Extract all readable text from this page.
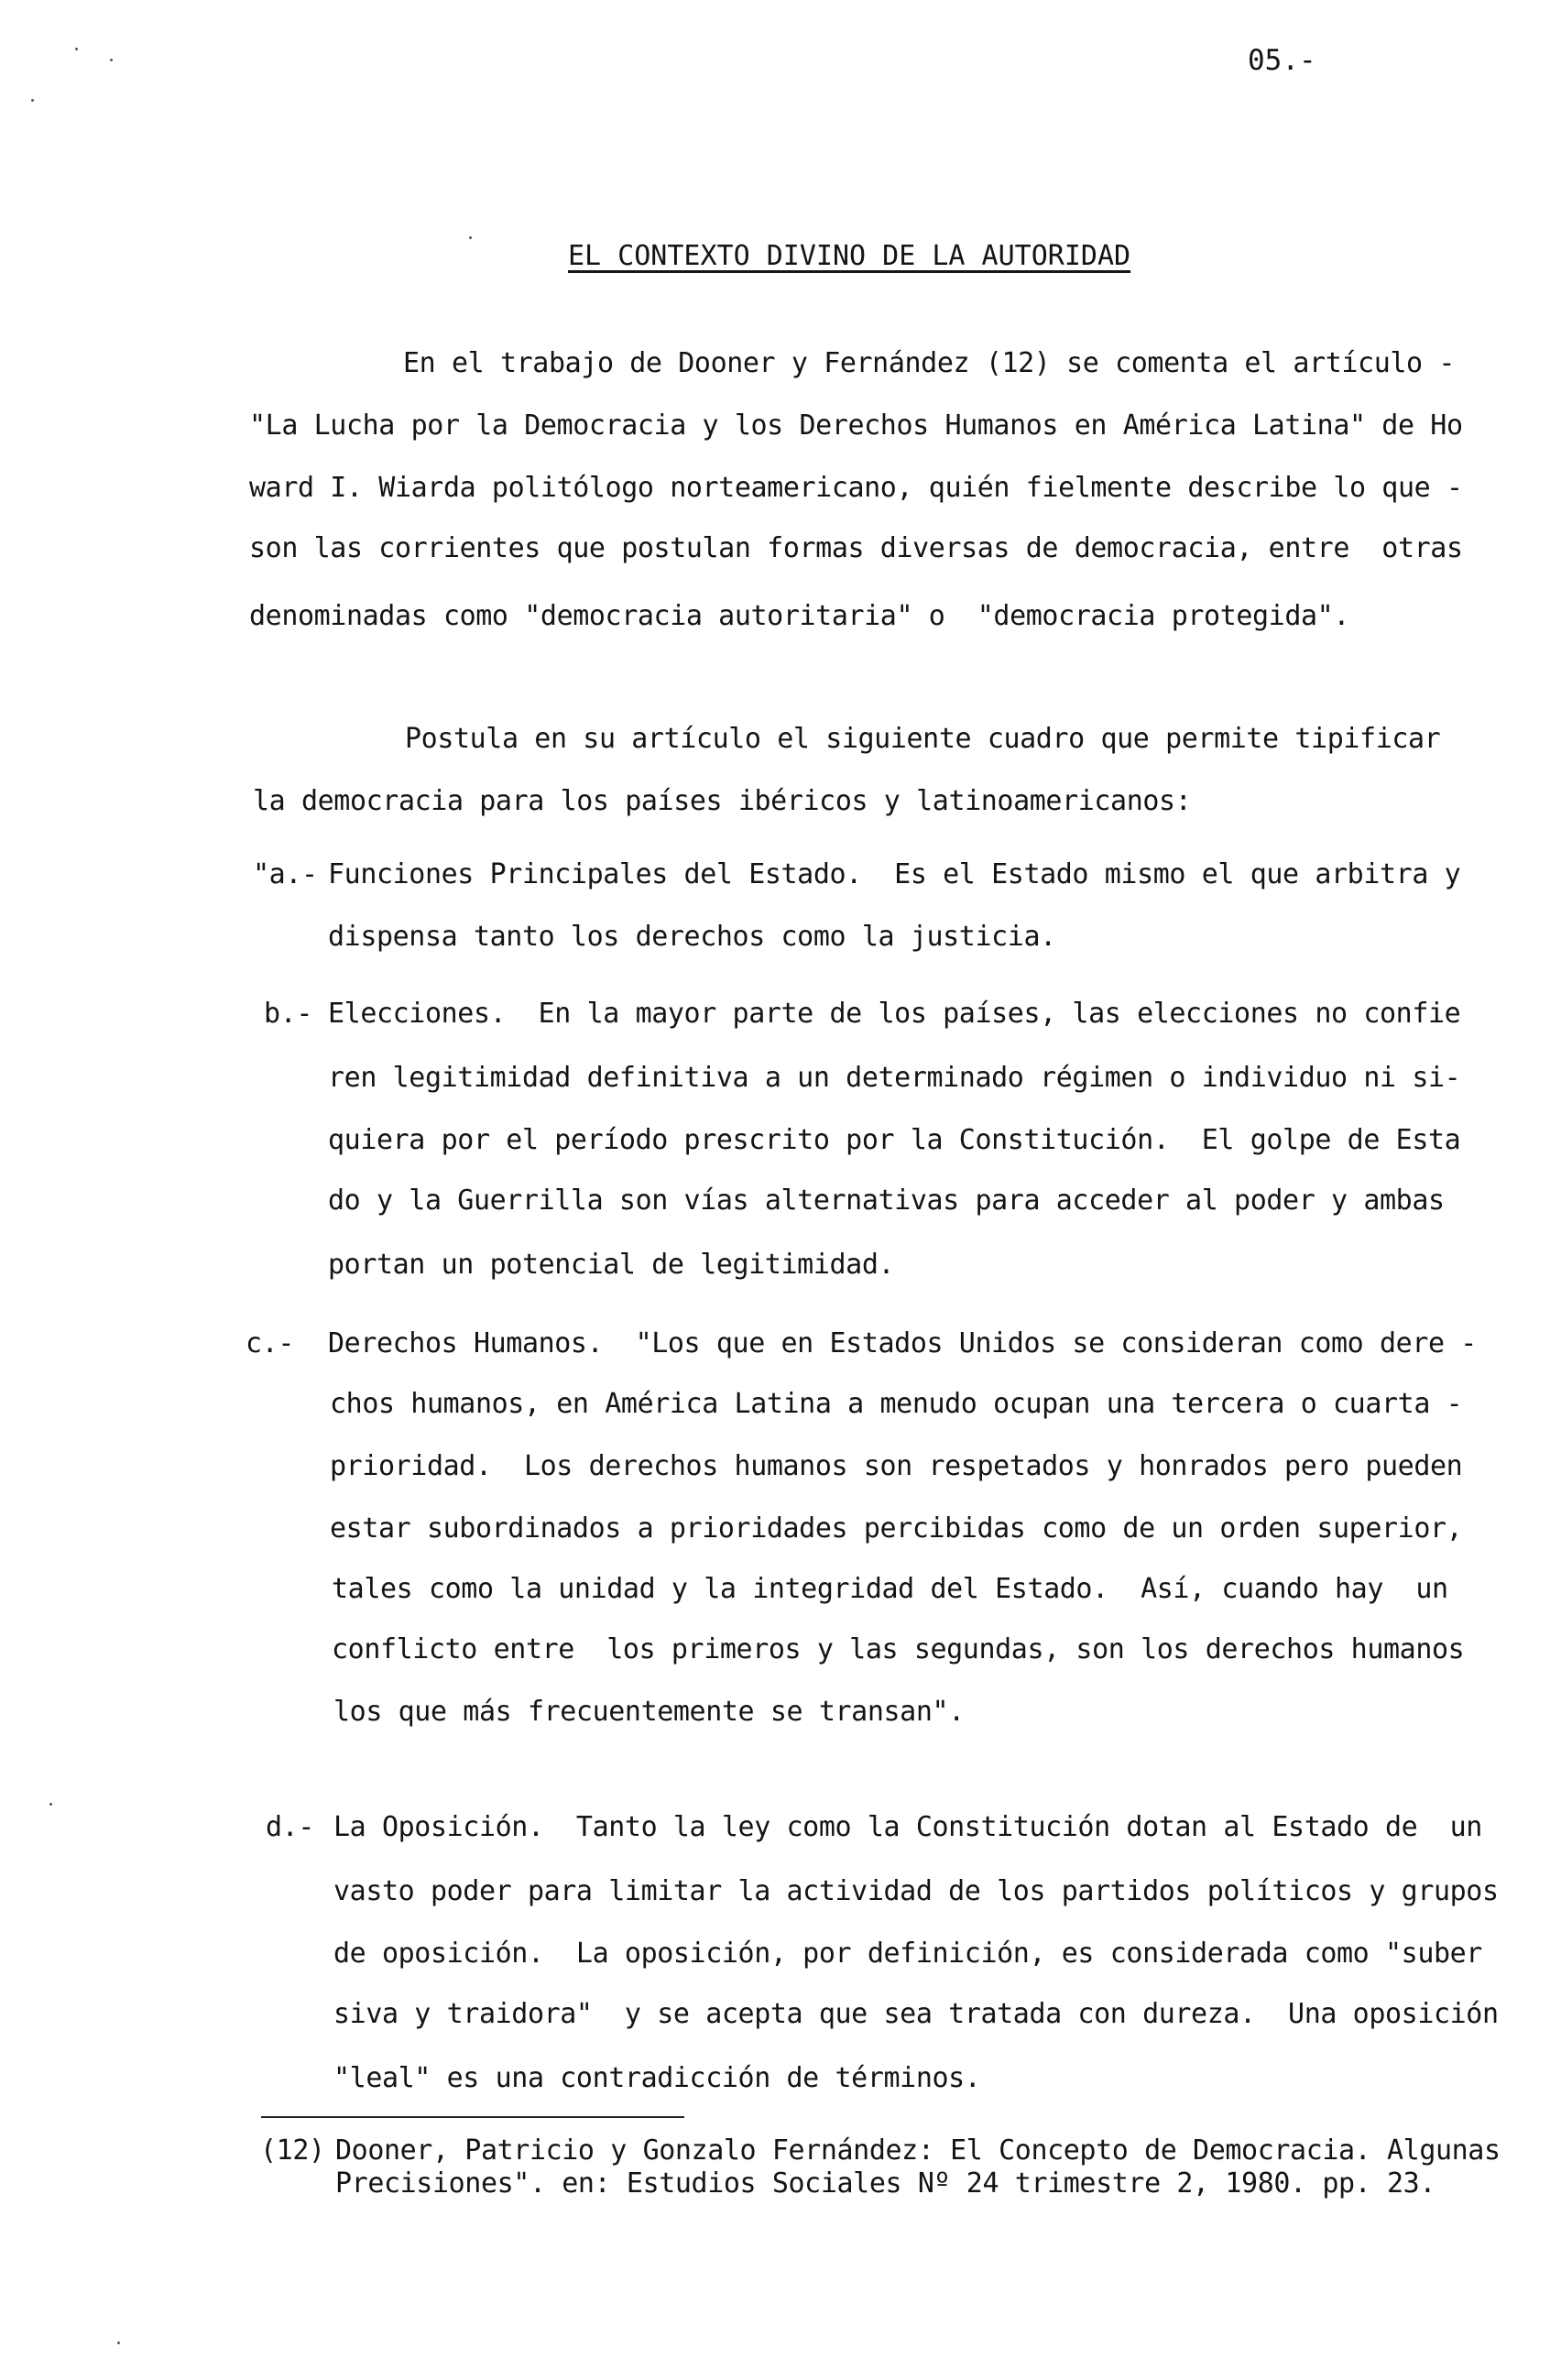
05.-
EL CONTEXTO DIVINO DE LA AUTORIDAD
En el trabajo de Dooner y Fernández (12) se comenta el artículo -
"La Lucha por la Democracia y los Derechos Humanos en América Latina" de Ho
ward I. Wiarda politólogo norteamericano, quién fielmente describe lo que -
son las corrientes que postulan formas diversas de democracia, entre  otras
denominadas como "democracia autoritaria" o  "democracia protegida".
Postula en su artículo el siguiente cuadro que permite tipificar
la democracia para los países ibéricos y latinoamericanos:
"a.- Funciones Principales del Estado.  Es el Estado mismo el que arbitra y
dispensa tanto los derechos como la justicia.
b.- Elecciones.  En la mayor parte de los países, las elecciones no confie
ren legitimidad definitiva a un determinado régimen o individuo ni si-
quiera por el período prescrito por la Constitución.  El golpe de Esta
do y la Guerrilla son vías alternativas para acceder al poder y ambas
portan un potencial de legitimidad.
c.- Derechos Humanos.  "Los que en Estados Unidos se consideran como dere -
chos humanos, en América Latina a menudo ocupan una tercera o cuarta -
prioridad.  Los derechos humanos son respetados y honrados pero pueden
estar subordinados a prioridades percibidas como de un orden superior,
tales como la unidad y la integridad del Estado.  Así, cuando hay  un
conflicto entre  los primeros y las segundas, son los derechos humanos
los que más frecuentemente se transan".
d.- La Oposición.  Tanto la ley como la Constitución dotan al Estado de  un
vasto poder para limitar la actividad de los partidos políticos y grupos
de oposición.  La oposición, por definición, es considerada como "suber
siva y traidora"  y se acepta que sea tratada con dureza.  Una oposición
"leal" es una contradicción de términos.
(12) Dooner, Patricio y Gonzalo Fernández: El Concepto de Democracia. Algunas
Precisiones". en: Estudios Sociales Nº 24 trimestre 2, 1980. pp. 23.
